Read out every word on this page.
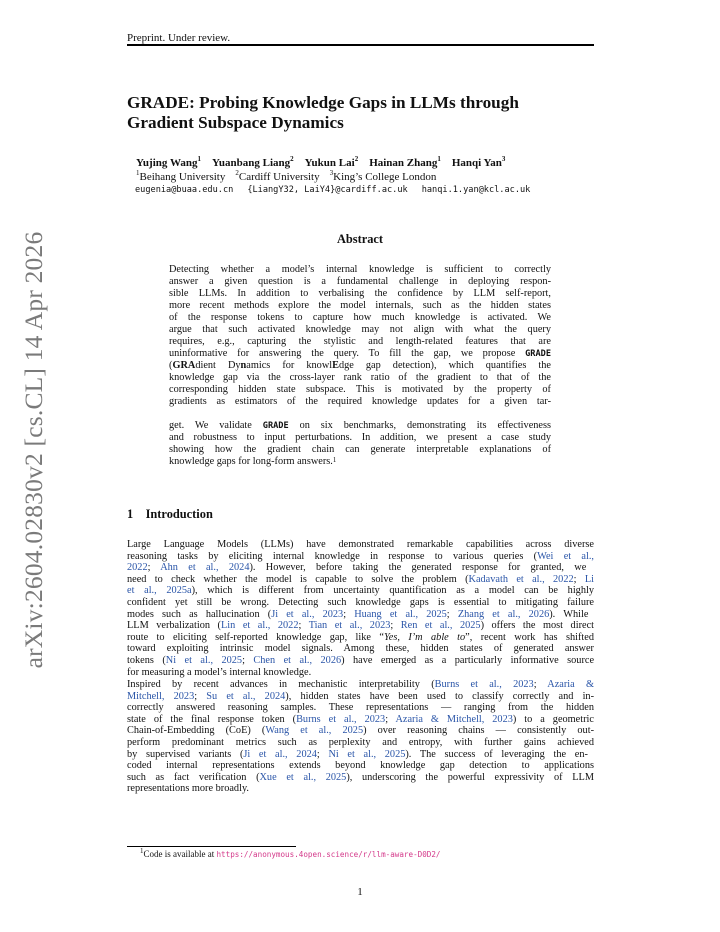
arXiv:2604.02830v2 [cs.CL] 14 Apr 2026
Preprint. Under review.
GRADE: Probing Knowledge Gaps in LLMs through
Gradient Subspace Dynamics
Yujing Wang$^1$ Yuanbang Liang$^2$ Yukun Lai$^2$ Hainan Zhang$^1$ Hanqi Yan$^3$
$^1$Beihang University $^2$Cardiff University $^3$King’s College London
eugenia@buaa.edu.cn {LiangY32, LaiY4}@cardiff.ac.uk hanqi.1.yan@kcl.ac.uk
Abstract
Detecting whether a model’s internal knowledge is sufficient to correctly
answer a given question is a fundamental challenge in deploying respon-
sible LLMs. In addition to verbalising the confidence by LLM self-report,
more recent methods explore the model internals, such as the hidden states
of the response tokens to capture how much knowledge is activated. We
argue that such activated knowledge may not align with what the query
requires, e.g., capturing the stylistic and length-related features that are
uninformative for answering the query. To fill the gap, we propose GRADE
(GRAdient Dynamics for knowlEdge gap detection), which quantifies the
knowledge gap via the cross-layer rank ratio of the gradient to that of the
corresponding hidden state subspace. This is motivated by the property of
gradients as estimators of the required knowledge updates for a given tar-
get. We validate GRADE on six benchmarks, demonstrating its effectiveness
and robustness to input perturbations. In addition, we present a case study
showing how the gradient chain can generate interpretable explanations of
knowledge gaps for long-form answers.$^1$
1 Introduction
Large Language Models (LLMs) have demonstrated remarkable capabilities across diverse
reasoning tasks by eliciting internal knowledge in response to various queries (Wei et al.,
2022; Ahn et al., 2024). However, before taking the generated response for granted, we
need to check whether the model is capable to solve the problem (Kadavath et al., 2022; Li
et al., 2025a), which is different from uncertainty quantification as a model can be highly
confident yet still be wrong. Detecting such knowledge gaps is essential to mitigating failure
modes such as hallucination (Ji et al., 2023; Huang et al., 2025; Zhang et al., 2026). While
LLM verbalization (Lin et al., 2022; Tian et al., 2023; Ren et al., 2025) offers the most direct
route to eliciting self-reported knowledge gap, like “Yes, I’m able to”, recent work has shifted
toward exploiting intrinsic model signals. Among these, hidden states of generated answer
tokens (Ni et al., 2025; Chen et al., 2026) have emerged as a particularly informative source
for measuring a model’s internal knowledge.
Inspired by recent advances in mechanistic interpretability (Burns et al., 2023; Azaria &
Mitchell, 2023; Su et al., 2024), hidden states have been used to classify correctly and in-
correctly answered reasoning samples. These representations — ranging from the hidden
state of the final response token (Burns et al., 2023; Azaria & Mitchell, 2023) to a geometric
Chain-of-Embedding (CoE) (Wang et al., 2025) over reasoning chains — consistently out-
perform predominant metrics such as perplexity and entropy, with further gains achieved
by supervised variants (Ji et al., 2024; Ni et al., 2025). The success of leveraging the en-
coded internal representations extends beyond knowledge gap detection to applications
such as fact verification (Xue et al., 2025), underscoring the powerful expressivity of LLM
representations more broadly.
$^1$Code is available at https://anonymous.4open.science/r/llm-aware-D0D2/
1
